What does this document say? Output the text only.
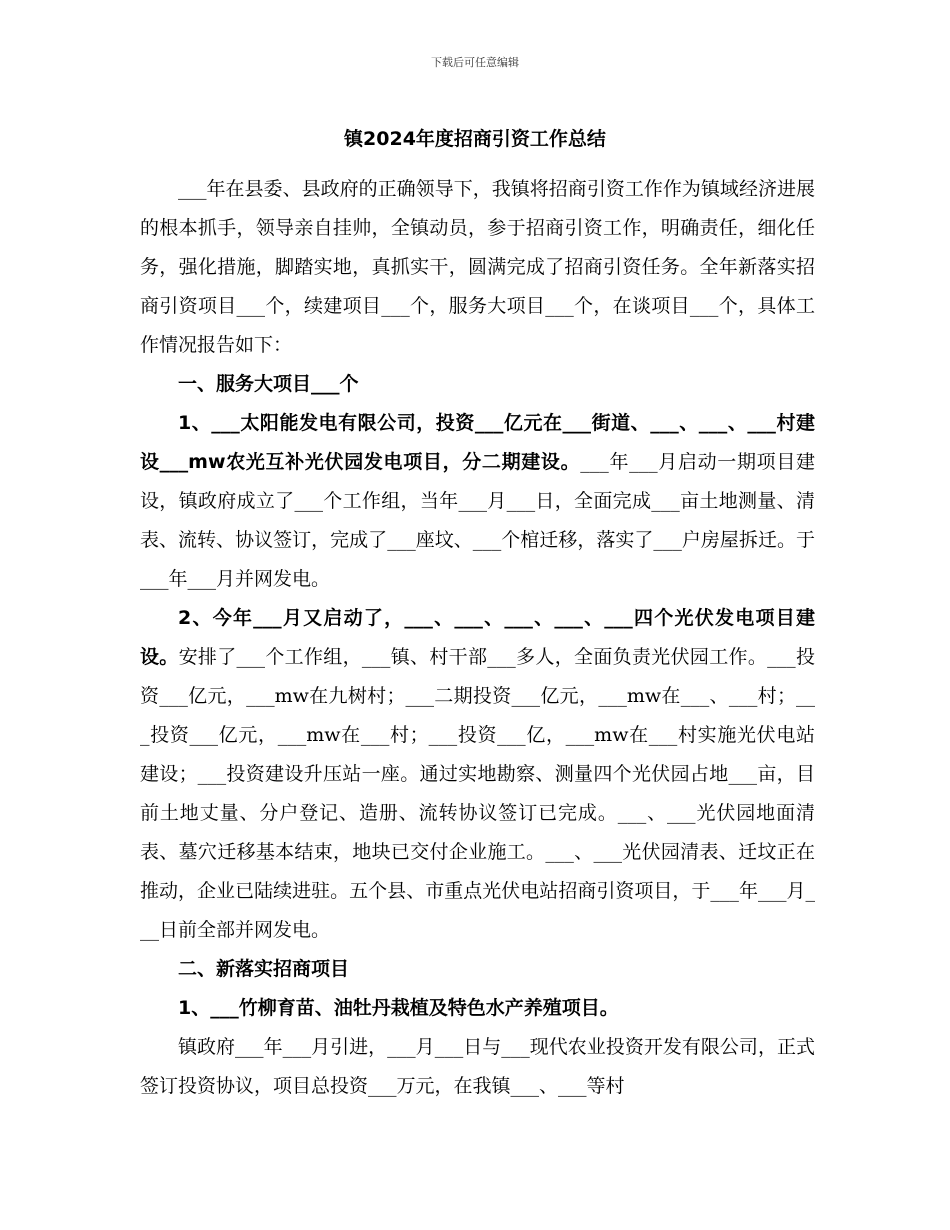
下载后可任意编辑
镇2024年度招商引资工作总结

___年在县委、县政府的正确领导下，我镇将招商引资工作作为镇域经济进展的根本抓手，领导亲自挂帅，全镇动员，参于招商引资工作，明确责任，细化任务，强化措施，脚踏实地，真抓实干，圆满完成了招商引资任务。全年新落实招商引资项目___个，续建项目___个，服务大项目___个，在谈项目___个，具体工作情况报告如下：

一、服务大项目___个

1、___太阳能发电有限公司，投资___亿元在___街道、___、___、___村建设___mw农光互补光伏园发电项目，分二期建设。___年___月启动一期项目建设，镇政府成立了___个工作组，当年___月___日，全面完成___亩土地测量、清表、流转、协议签订，完成了___座坟、___个棺迁移，落实了___户房屋拆迁。于___年___月并网发电。

2、今年___月又启动了，___、___、___、___、___四个光伏发电项目建设。安排了___个工作组，___镇、村干部___多人，全面负责光伏园工作。___投资___亿元，___mw在九树村；___二期投资___亿元，___mw在___、___村；___投资___亿元，___mw在___村；___投资___亿，___mw在___村实施光伏电站建设；___投资建设升压站一座。通过实地勘察、测量四个光伏园占地___亩，目前土地丈量、分户登记、造册、流转协议签订已完成。___、___光伏园地面清表、墓穴迁移基本结束，地块已交付企业施工。___、___光伏园清表、迁坟正在推动，企业已陆续进驻。五个县、市重点光伏电站招商引资项目，于___年___月___日前全部并网发电。

二、新落实招商项目

1、___竹柳育苗、油牡丹栽植及特色水产养殖项目。

镇政府___年___月引进，___月___日与___现代农业投资开发有限公司，正式签订投资协议，项目总投资___万元，在我镇___、___等村
